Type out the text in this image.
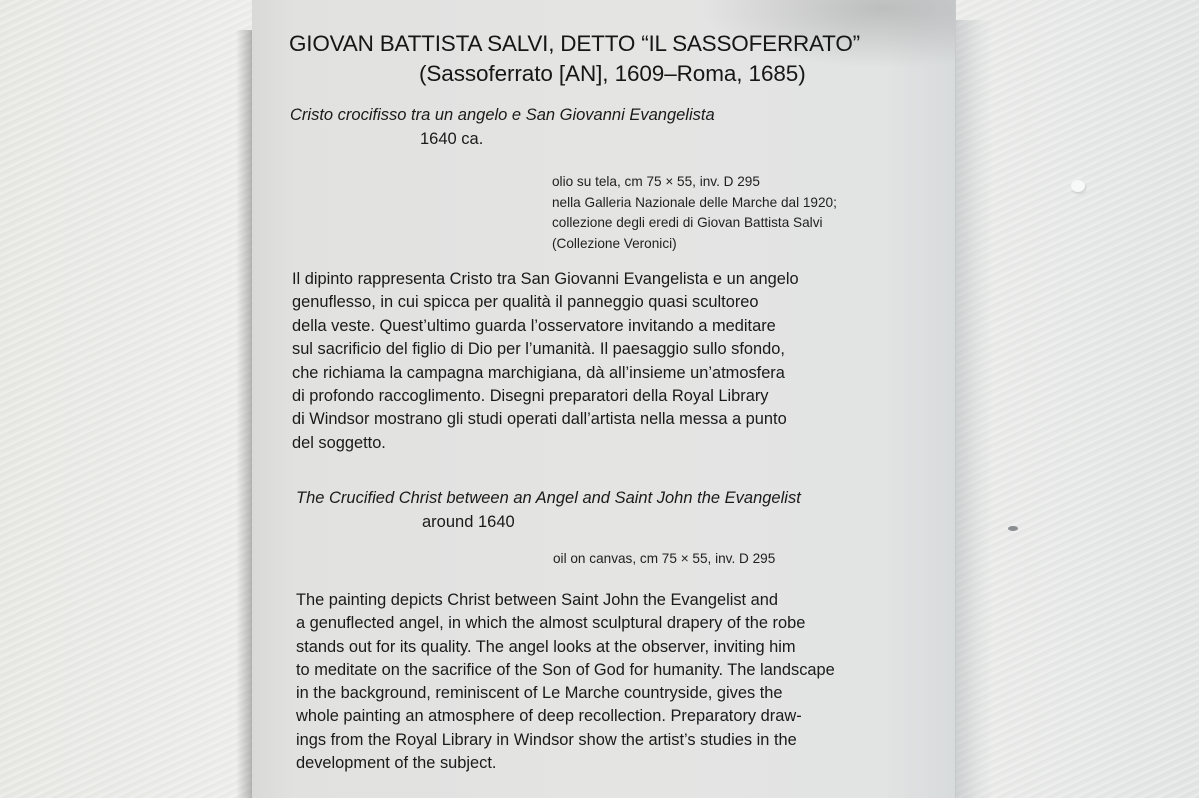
GIOVAN BATTISTA SALVI, DETTO “IL SASSOFERRATO”
(Sassoferrato [AN], 1609–Roma, 1685)
Cristo crocifisso tra un angelo e San Giovanni Evangelista
1640 ca.
olio su tela, cm 75 × 55, inv. D 295
nella Galleria Nazionale delle Marche dal 1920;
collezione degli eredi di Giovan Battista Salvi
(Collezione Veronici)
Il dipinto rappresenta Cristo tra San Giovanni Evangelista e un angelo
genuflesso, in cui spicca per qualità il panneggio quasi scultoreo
della veste. Quest’ultimo guarda l’osservatore invitando a meditare
sul sacrificio del figlio di Dio per l’umanità. Il paesaggio sullo sfondo,
che richiama la campagna marchigiana, dà all’insieme un’atmosfera
di profondo raccoglimento. Disegni preparatori della Royal Library
di Windsor mostrano gli studi operati dall’artista nella messa a punto
del soggetto.
The Crucified Christ between an Angel and Saint John the Evangelist
around 1640
oil on canvas, cm 75 × 55, inv. D 295
The painting depicts Christ between Saint John the Evangelist and
a genuflected angel, in which the almost sculptural drapery of the robe
stands out for its quality. The angel looks at the observer, inviting him
to meditate on the sacrifice of the Son of God for humanity. The landscape
in the background, reminiscent of Le Marche countryside, gives the
whole painting an atmosphere of deep recollection. Preparatory draw-
ings from the Royal Library in Windsor show the artist’s studies in the
development of the subject.
